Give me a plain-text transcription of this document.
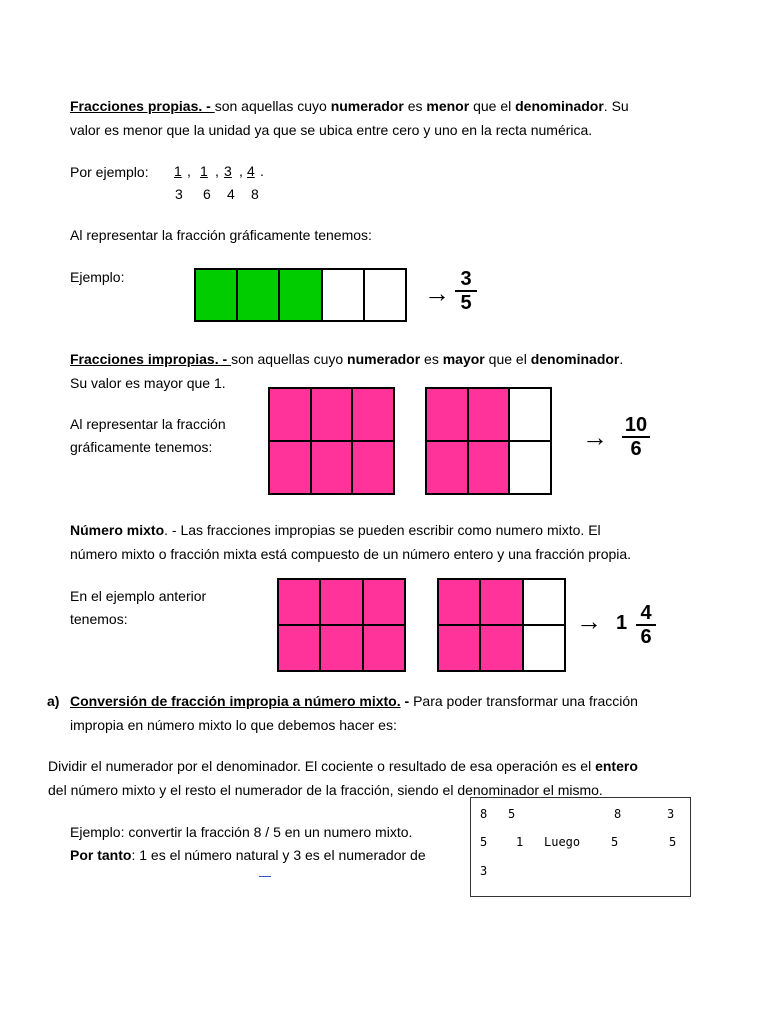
Fracciones propias. - son aquellas cuyo numerador es menor que el denominador. Su
valor es menor que la unidad ya que se ubica entre cero y uno en la recta numérica.
Por ejemplo: 1 ,
3
1 ,
6
3 ,
4
4 .
8
Al representar la fracción gráficamente tenemos:
Ejemplo:
→ $\frac{3}{5}$
Fracciones impropias. - son aquellas cuyo numerador es mayor que el denominador.
Su valor es mayor que 1.
Al representar la fracción
gráficamente tenemos:	→ $\frac{10}{6}$
Número mixto. - Las fracciones impropias se pueden escribir como numero mixto. El
número mixto o fracción mixta está compuesto de un número entero y una fracción propia.
En el ejemplo anterior
tenemos:	→ $1 \frac{4}{6}$
a) Conversión de fracción impropia a número mixto. - Para poder transformar una fracción
impropia en número mixto lo que debemos hacer es:
Dividir el numerador por el denominador. El cociente o resultado de esa operación es el entero
del número mixto y el resto el numerador de la fracción, siendo el denominador el mismo.
Ejemplo: convertir la fracción 8 / 5 en un numero mixto.
Por tanto: 1 es el número natural y 3 es el numerador de
8 5	8	3
5 1 Luego	5	5
3
